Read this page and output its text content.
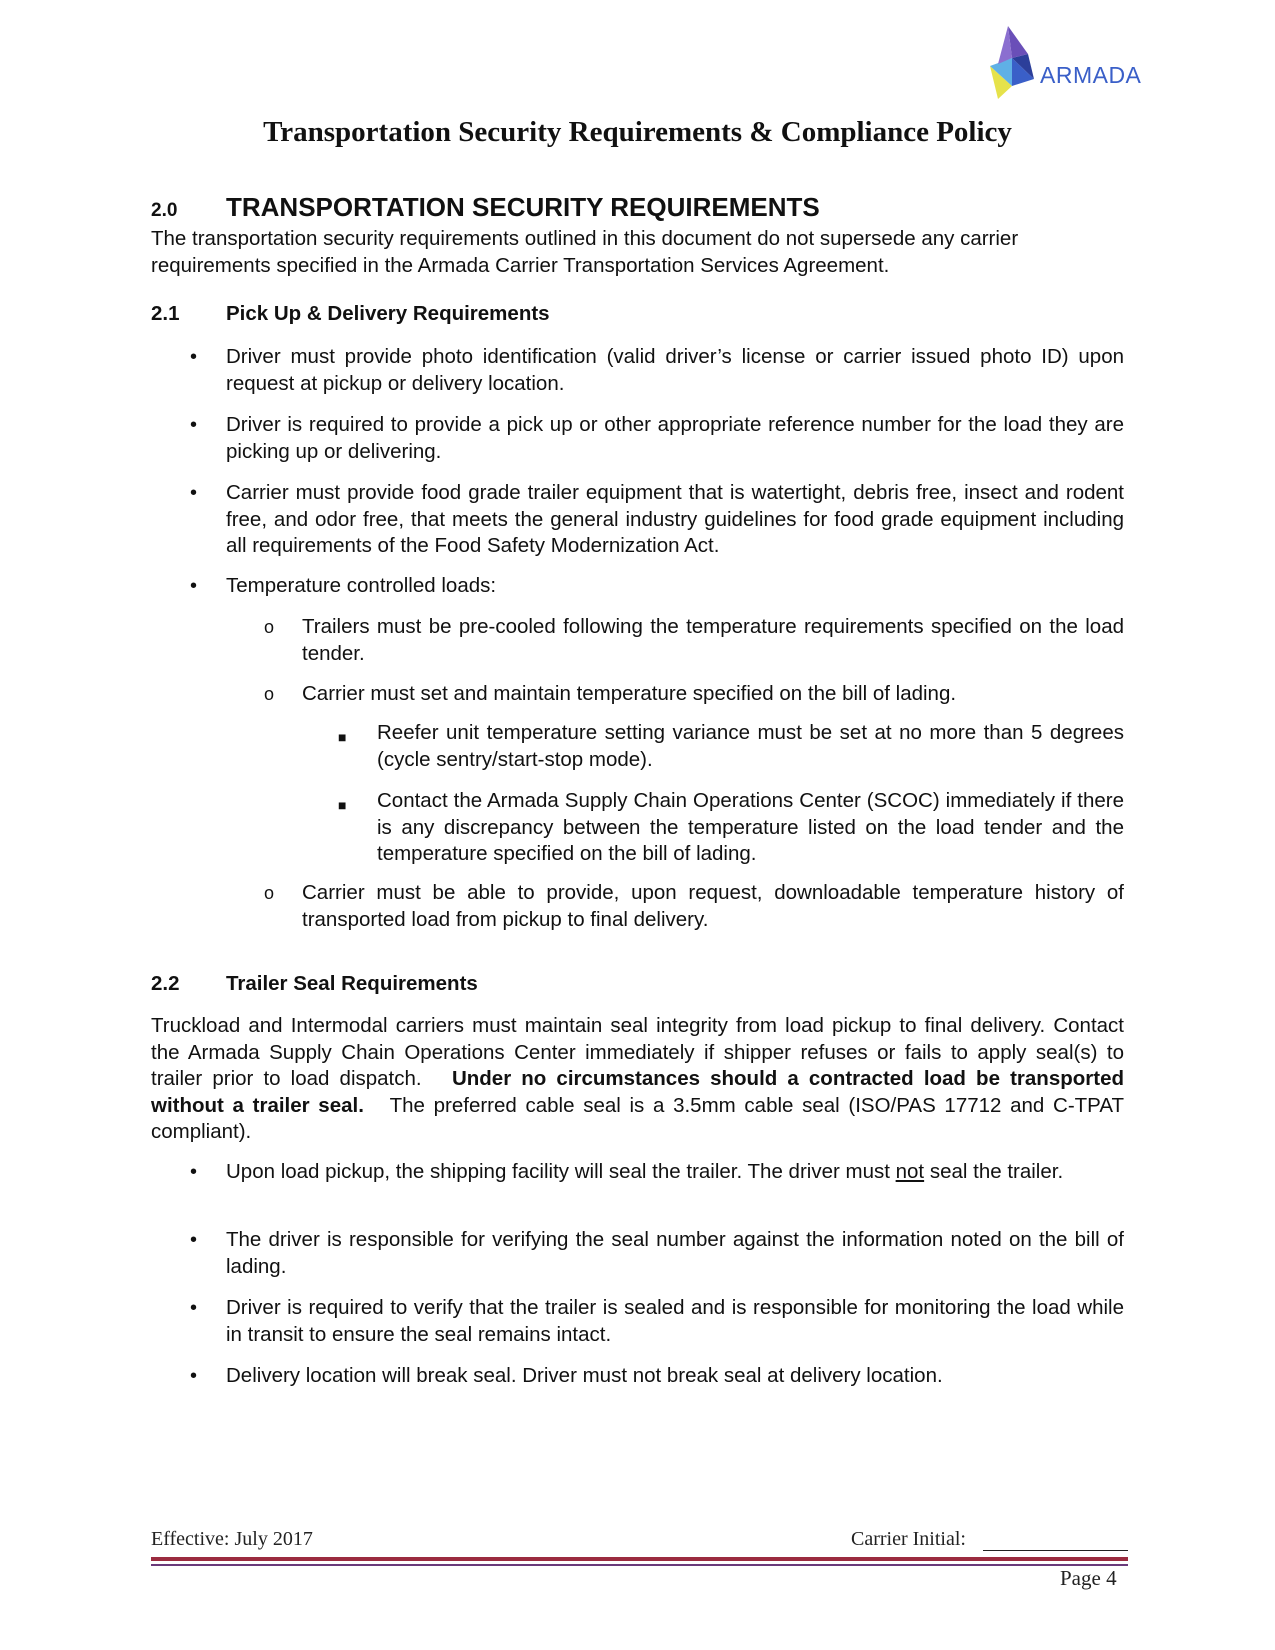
ARMADA
Transportation Security Requirements & Compliance Policy
2.0 TRANSPORTATION SECURITY REQUIREMENTS

The transportation security requirements outlined in this document do not supersede any carrier requirements specified in the Armada Carrier Transportation Services Agreement.

2.1 Pick Up & Delivery Requirements
• Driver must provide photo identification (valid driver’s license or carrier issued photo ID) upon request at pickup or delivery location.
• Driver is required to provide a pick up or other appropriate reference number for the load they are picking up or delivering.
• Carrier must provide food grade trailer equipment that is watertight, debris free, insect and rodent free, and odor free, that meets the general industry guidelines for food grade equipment including all requirements of the Food Safety Modernization Act.
• Temperature controlled loads:
o Trailers must be pre-cooled following the temperature requirements specified on the load tender.
o Carrier must set and maintain temperature specified on the bill of lading.
■ Reefer unit temperature setting variance must be set at no more than 5 degrees (cycle sentry/start-stop mode).
■ Contact the Armada Supply Chain Operations Center (SCOC) immediately if there is any discrepancy between the temperature listed on the load tender and the temperature specified on the bill of lading.
o Carrier must be able to provide, upon request, downloadable temperature history of transported load from pickup to final delivery.
2.2 Trailer Seal Requirements

Truckload and Intermodal carriers must maintain seal integrity from load pickup to final delivery. Contact the Armada Supply Chain Operations Center immediately if shipper refuses or fails to apply seal(s) to trailer prior to load dispatch. Under no circumstances should a contracted load be transported without a trailer seal. The preferred cable seal is a 3.5mm cable seal (ISO/PAS 17712 and C-TPAT compliant).

• Upon load pickup, the shipping facility will seal the trailer. The driver must not seal the trailer.
• The driver is responsible for verifying the seal number against the information noted on the bill of lading.
• Driver is required to verify that the trailer is sealed and is responsible for monitoring the load while in transit to ensure the seal remains intact.
• Delivery location will break seal. Driver must not break seal at delivery location.
Effective: July 2017	Carrier Initial:
Page 4
